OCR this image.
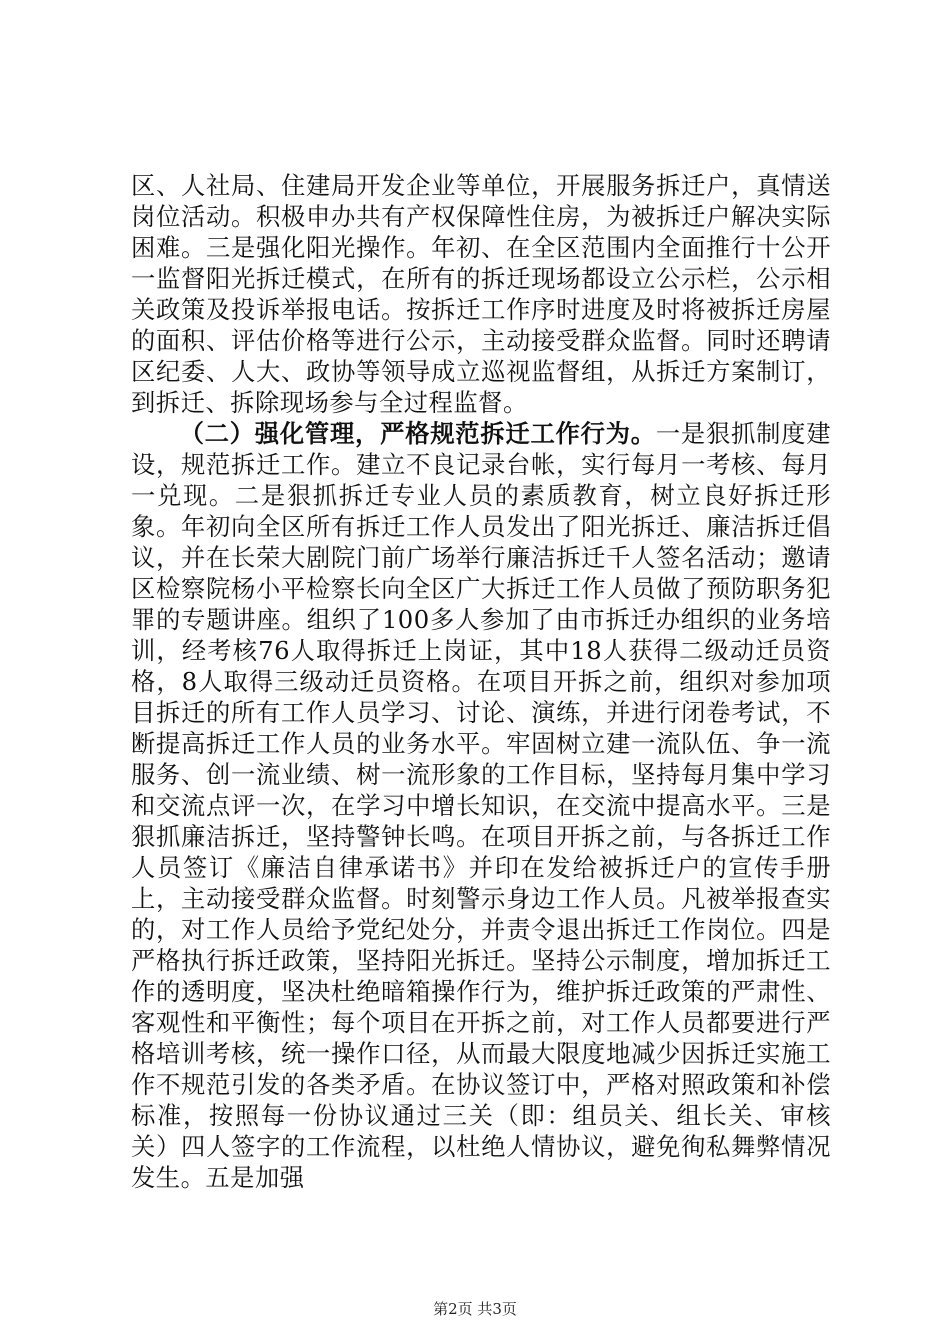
区、人社局、住建局开发企业等单位，开展服务拆迁户，真情送岗位活动。积极申办共有产权保障性住房，为被拆迁户解决实际困难。三是强化阳光操作。年初、在全区范围内全面推行十公开一监督阳光拆迁模式，在所有的拆迁现场都设立公示栏，公示相关政策及投诉举报电话。按拆迁工作序时进度及时将被拆迁房屋的面积、评估价格等进行公示，主动接受群众监督。同时还聘请区纪委、人大、政协等领导成立巡视监督组，从拆迁方案制订，到拆迁、拆除现场参与全过程监督。

（二）强化管理，严格规范拆迁工作行为。一是狠抓制度建设，规范拆迁工作。建立不良记录台帐，实行每月一考核、每月一兑现。二是狠抓拆迁专业人员的素质教育，树立良好拆迁形象。年初向全区所有拆迁工作人员发出了阳光拆迁、廉洁拆迁倡议，并在长荣大剧院门前广场举行廉洁拆迁千人签名活动；邀请区检察院杨小平检察长向全区广大拆迁工作人员做了预防职务犯罪的专题讲座。组织了100多人参加了由市拆迁办组织的业务培训，经考核76人取得拆迁上岗证，其中18人获得二级动迁员资格，8人取得三级动迁员资格。在项目开拆之前，组织对参加项目拆迁的所有工作人员学习、讨论、演练，并进行闭卷考试，不断提高拆迁工作人员的业务水平。牢固树立建一流队伍、争一流服务、创一流业绩、树一流形象的工作目标，坚持每月集中学习和交流点评一次，在学习中增长知识，在交流中提高水平。三是狠抓廉洁拆迁，坚持警钟长鸣。在项目开拆之前，与各拆迁工作人员签订《廉洁自律承诺书》并印在发给被拆迁户的宣传手册上，主动接受群众监督。时刻警示身边工作人员。凡被举报查实的，对工作人员给予党纪处分，并责令退出拆迁工作岗位。四是严格执行拆迁政策，坚持阳光拆迁。坚持公示制度，增加拆迁工作的透明度，坚决杜绝暗箱操作行为，维护拆迁政策的严肃性、客观性和平衡性；每个项目在开拆之前，对工作人员都要进行严格培训考核，统一操作口径，从而最大限度地减少因拆迁实施工作不规范引发的各类矛盾。在协议签订中，严格对照政策和补偿标准，按照每一份协议通过三关（即：组员关、组长关、审核关）四人签字的工作流程，以杜绝人情协议，避免徇私舞弊情况发生。五是加强

第2页 共3页
